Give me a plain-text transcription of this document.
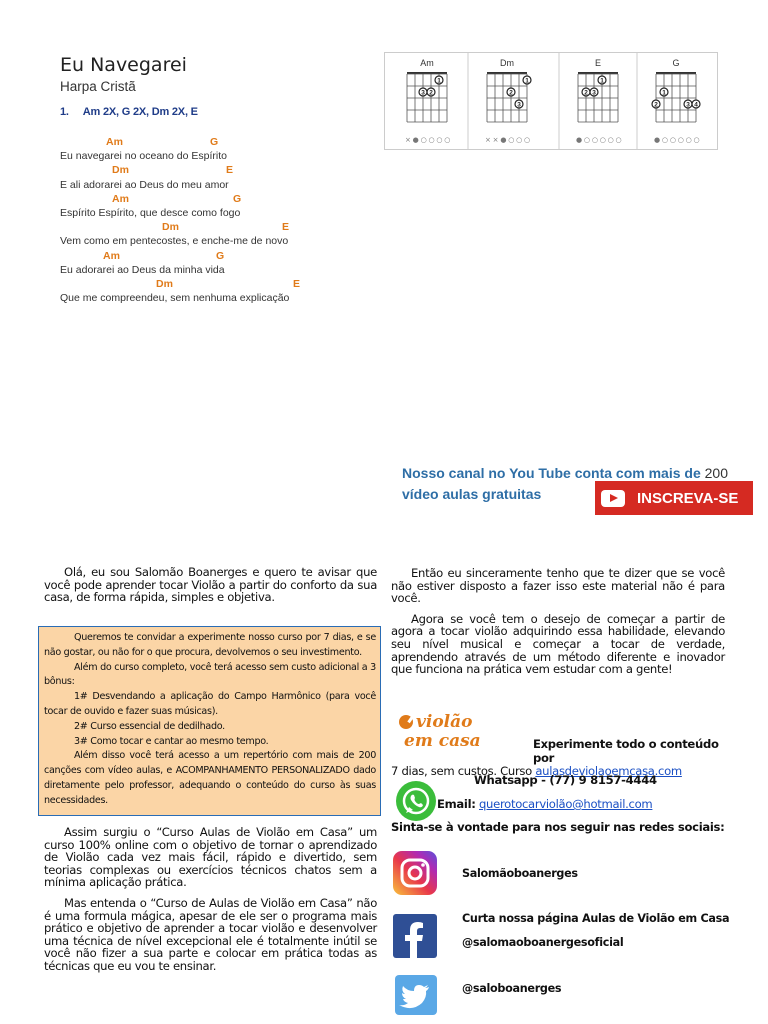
Eu Navegarei
Harpa Cristã
1. Am 2X, G 2X, Dm 2X, E
Am	G
Eu navegarei no oceano do Espírito
Dm	E
E ali adorarei ao Deus do meu amor
Am	G
Espírito Espírito, que desce como fogo
Dm	E
Vem como em pentecostes, e enche-me de novo
Am	G
Eu adorarei ao Deus da minha vida
Dm	E
Que me compreendeu, sem nenhuma explicação
Am
2
3
1
×●○○○○
Dm
1
2
3
××●○○○
E
2 3
1
●○○○○○
G
2
1
3 4
●○○○○○
Nosso canal no You Tube conta com mais de 200
vídeo aulas gratuitas	INSCREVA-SE

Olá, eu sou Salomão Boanerges e quero te avisar que você pode aprender tocar Violão a partir do conforto da sua casa, de forma rápida, simples e objetiva.

Queremos te convidar a experimente nosso curso por 7 dias, e se não gostar, ou não for o que procura, devolvemos o seu investimento.
Além do curso completo, você terá acesso sem custo adicional a 3 bônus:
1# Desvendando a aplicação do Campo Harmônico (para você tocar de ouvido e fazer suas músicas).
2# Curso essencial de dedilhado.
3# Como tocar e cantar ao mesmo tempo.
Além disso você terá acesso a um repertório com mais de 200 canções com vídeo aulas, e ACOMPANHAMENTO PERSONALIZADO dado diretamente pelo professor, adequando o conteúdo do curso às suas necessidades.

Assim surgiu o “Curso Aulas de Violão em Casa” um curso 100% online com o objetivo de tornar o aprendizado de Violão cada vez mais fácil, rápido e divertido, sem teorias complexas ou exercícios técnicos chatos sem a mínima aplicação prática.

Mas entenda o “Curso de Aulas de Violão em Casa” não é uma formula mágica, apesar de ele ser o programa mais prático e objetivo de aprender a tocar violão e desenvolver uma técnica de nível excepcional ele é totalmente inútil se você não fizer a sua parte e colocar em prática todas as técnicas que eu vou te ensinar.

Então eu sinceramente tenho que te dizer que se você não estiver disposto a fazer isso este material não é para você.

Agora se você tem o desejo de começar a partir de agora a tocar violão adquirindo essa habilidade, elevando seu nível musical e começar a tocar de verdade, aprendendo através de um método diferente e inovador que funciona na prática vem estudar com a gente!

violão
em casa	Experimente todo o conteúdo por
7 dias, sem custos. Curso aulasdeviolaoemcasa.com
Whatsapp - (77) 9 8157-4444
Email: querotocarviolão@hotmail.com
Sinta-se à vontade para nos seguir nas redes sociais:
Salomãoboanerges
Curta nossa página Aulas de Violão em Casa
@salomaoboanergesoficial
@saloboanerges
